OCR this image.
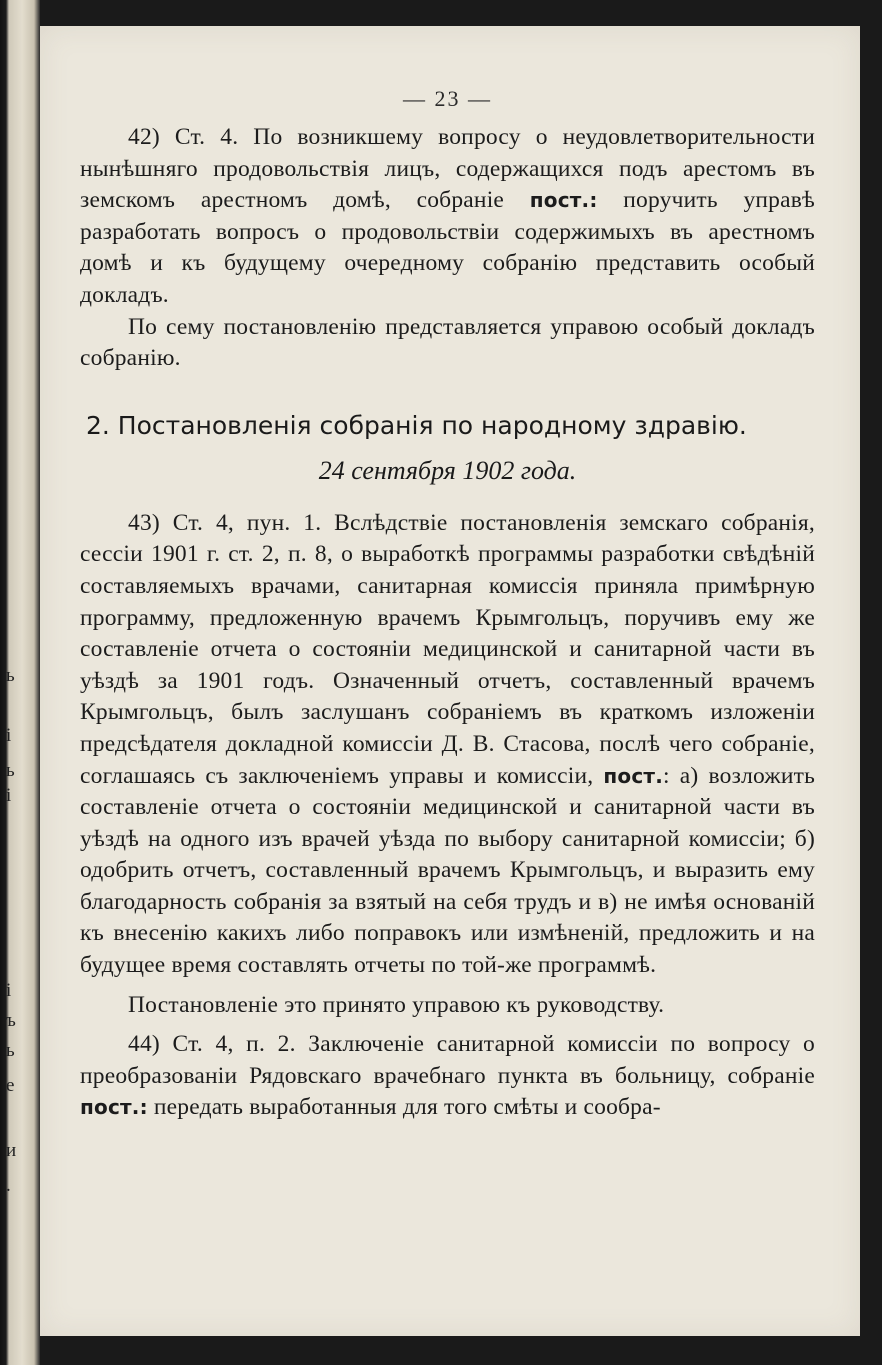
ь
і
ь
і
і
ъ
ь
е
и
.
— 23 —

42) Ст. 4. По возникшему вопросу о неудовлетворительности нынѣшняго продовольствія лицъ, содержащихся подъ арестомъ въ земскомъ арестномъ домѣ, собраніе пост.: поручить управѣ разработать вопросъ о продовольствіи содержимыхъ въ арестномъ домѣ и къ будущему очередному собранію представить особый докладъ.

По сему постановленію представляется управою особый докладъ собранію.

2. Постановленія собранія по народному здравію.
24 сентября 1902 года.

43) Ст. 4, пун. 1. Вслѣдствіе постановленія земскаго собранія, сессіи 1901 г. ст. 2, п. 8, о выработкѣ программы разработки свѣдѣній составляемыхъ врачами, санитарная комиссія приняла примѣрную программу, предложенную врачемъ Крымгольцъ, поручивъ ему же составленіе отчета о состояніи медицинской и санитарной части въ уѣздѣ за 1901 годъ. Означенный отчетъ, составленный врачемъ Крымгольцъ, былъ заслушанъ собраніемъ въ краткомъ изложеніи предсѣдателя докладной комиссіи Д. В. Стасова, послѣ чего собраніе, соглашаясь съ заключеніемъ управы и комиссіи, пост.: а) возложить составленіе отчета о состояніи медицинской и санитарной части въ уѣздѣ на одного изъ врачей уѣзда по выбору санитарной комиссіи; б) одобрить отчетъ, составленный врачемъ Крымгольцъ, и выразить ему благодарность собранія за взятый на себя трудъ и в) не имѣя основаній къ внесенію какихъ либо поправокъ или измѣненій, предложить и на будущее время составлять отчеты по той-же программѣ.

Постановленіе это принято управою къ руководству.

44) Ст. 4, п. 2. Заключеніе санитарной комиссіи по вопросу о преобразованіи Рядовскаго врачебнаго пункта въ больницу, собраніе пост.: передать выработанныя для того смѣты и сообра-
